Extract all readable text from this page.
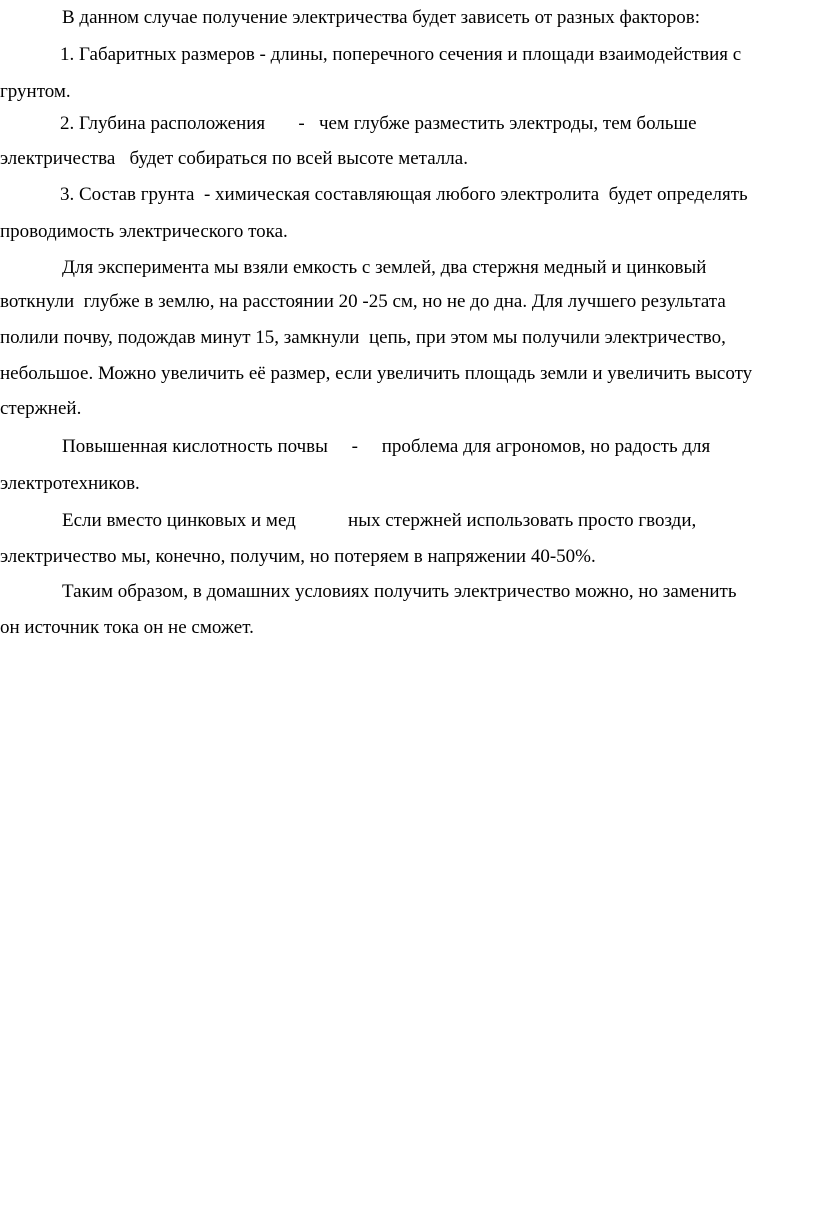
В данном случае получение электричества будет зависеть от разных факторов:
1. Габаритных размеров - длины, поперечного сечения и площади взаимодействия с
грунтом.
2. Глубина расположения       -   чем глубже разместить электроды, тем больше
электричества   будет собираться по всей высоте металла.
3. Состав грунта  - химическая составляющая любого электролита  будет определять
проводимость электрического тока.
Для эксперимента мы взяли емкость с землей, два стержня медный и цинковый
воткнули  глубже в землю, на расстоянии 20 -25 см, но не до дна. Для лучшего результата
полили почву, подождав минут 15, замкнули  цепь, при этом мы получили электричество,
небольшое. Можно увеличить её размер, если увеличить площадь земли и увеличить высоту
стержней.
Повышенная кислотность почвы     -     проблема для агрономов, но радость для
электротехников.
Если вместо цинковых и мед           ных стержней использовать просто гвозди,
электричество мы, конечно, получим, но потеряем в напряжении 40-50%.
Таким образом, в домашних условиях получить электричество можно, но заменить
он источник тока он не сможет.
